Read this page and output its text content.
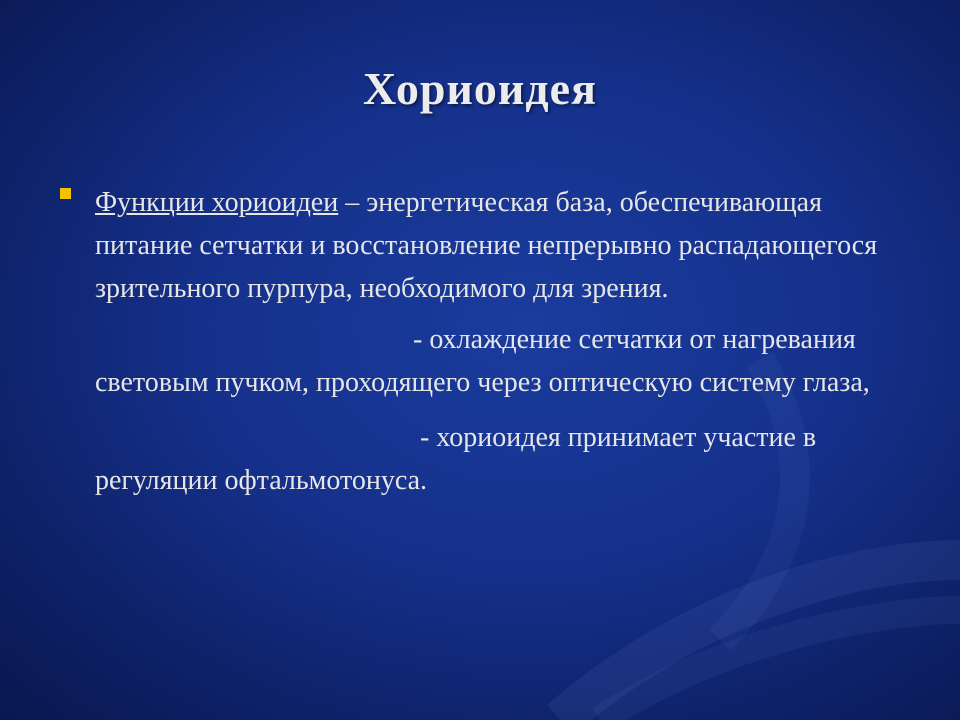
Хориоидея

Функции хориоидеи – энергетическая база, обеспечивающая питание сетчатки и восстановление непрерывно распадающегося зрительного пурпура, необходимого для зрения.

- охлаждение сетчатки от нагревания световым пучком, проходящего через оптическую систему глаза,

- хориоидея принимает участие в регуляции офтальмотонуса.
